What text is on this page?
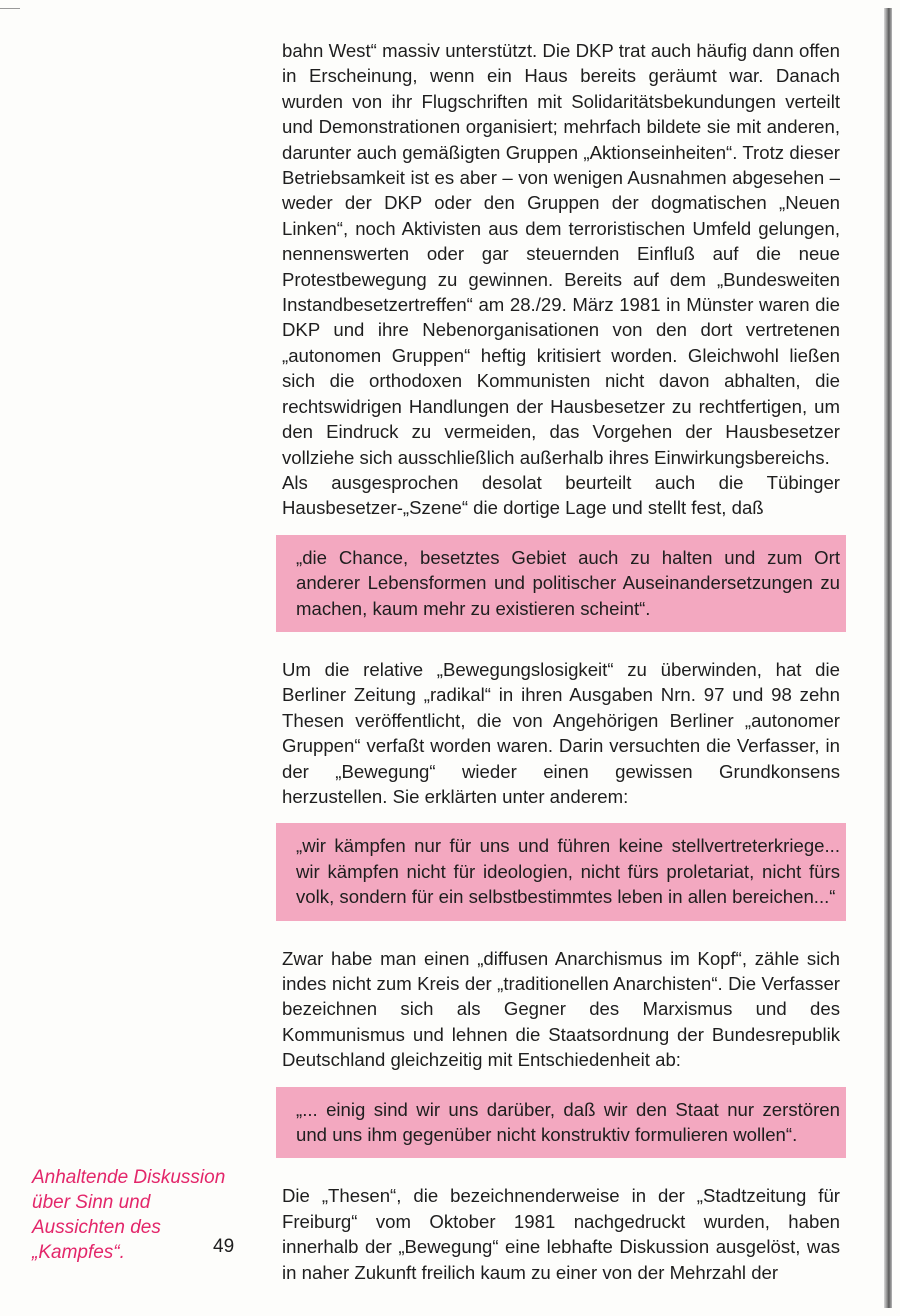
bahn West“ massiv unterstützt. Die DKP trat auch häufig dann offen in Erscheinung, wenn ein Haus bereits geräumt war. Danach wurden von ihr Flugschriften mit Solidaritätsbekundungen verteilt und Demonstrationen organisiert; mehrfach bildete sie mit anderen, darunter auch gemäßigten Gruppen „Aktionseinheiten“. Trotz dieser Betriebsamkeit ist es aber – von wenigen Ausnahmen abgesehen – weder der DKP oder den Gruppen der dogmatischen „Neuen Linken“, noch Aktivisten aus dem terroristischen Umfeld gelungen, nennenswerten oder gar steuernden Einfluß auf die neue Protestbewegung zu gewinnen. Bereits auf dem „Bundesweiten Instandbesetzertreffen“ am 28./29. März 1981 in Münster waren die DKP und ihre Nebenorganisationen von den dort vertretenen „autonomen Gruppen“ heftig kritisiert worden. Gleichwohl ließen sich die orthodoxen Kommunisten nicht davon abhalten, die rechtswidrigen Handlungen der Hausbesetzer zu rechtfertigen, um den Eindruck zu vermeiden, das Vorgehen der Hausbesetzer vollziehe sich ausschließlich außerhalb ihres Einwirkungsbereichs.

Als ausgesprochen desolat beurteilt auch die Tübinger Hausbesetzer-„Szene“ die dortige Lage und stellt fest, daß

„die Chance, besetztes Gebiet auch zu halten und zum Ort anderer Lebensformen und politischer Auseinandersetzungen zu machen, kaum mehr zu existieren scheint“.

Um die relative „Bewegungslosigkeit“ zu überwinden, hat die Berliner Zeitung „radikal“ in ihren Ausgaben Nrn. 97 und 98 zehn Thesen veröffentlicht, die von Angehörigen Berliner „autonomer Gruppen“ verfaßt worden waren. Darin versuchten die Verfasser, in der „Bewegung“ wieder einen gewissen Grundkonsens herzustellen. Sie erklärten unter anderem:

„wir kämpfen nur für uns und führen keine stellvertreterkriege... wir kämpfen nicht für ideologien, nicht fürs proletariat, nicht fürs volk, sondern für ein selbstbestimmtes leben in allen bereichen...“

Zwar habe man einen „diffusen Anarchismus im Kopf“, zähle sich indes nicht zum Kreis der „traditionellen Anarchisten“. Die Verfasser bezeichnen sich als Gegner des Marxismus und des Kommunismus und lehnen die Staatsordnung der Bundesrepublik Deutschland gleichzeitig mit Entschiedenheit ab:

„... einig sind wir uns darüber, daß wir den Staat nur zerstören und uns ihm gegenüber nicht konstruktiv formulieren wollen“.

Die „Thesen“, die bezeichnenderweise in der „Stadtzeitung für Freiburg“ vom Oktober 1981 nachgedruckt wurden, haben innerhalb der „Bewegung“ eine lebhafte Diskussion ausgelöst, was in naher Zukunft freilich kaum zu einer von der Mehrzahl der

Anhaltende Diskussion über Sinn und Aussichten des „Kampfes“.	49
